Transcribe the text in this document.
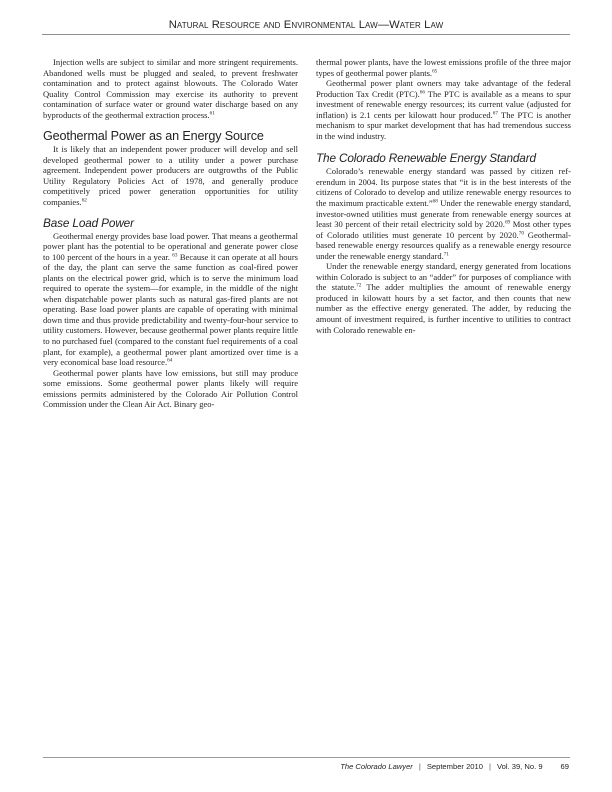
Natural Resource and Environmental Law—Water Law

Injection wells are subject to similar and more stringent requirements. Abandoned wells must be plugged and sealed, to prevent freshwater contamination and to protect against blowouts. The Colorado Water Quality Control Commission may exercise its authority to prevent contamination of surface water or ground water discharge based on any byproducts of the geothermal extraction process.$^{61}$

Geothermal Power as an Energy Source

It is likely that an independent power producer will develop and sell developed geothermal power to a utility under a power purchase agreement. Independent power producers are outgrowths of the Public Utility Regulatory Policies Act of 1978, and generally produce competitively priced power generation opportunities for utility companies.$^{62}$

Base Load Power

Geothermal energy provides base load power. That means a geothermal power plant has the potential to be operational and generate power close to 100 percent of the hours in a year. $^{63}$ Because it can operate at all hours of the day, the plant can serve the same function as coal-fired power plants on the electrical power grid, which is to serve the minimum load required to operate the system—for example, in the middle of the night when dispatchable power plants such as natural gas-fired plants are not operating. Base load power plants are capable of operating with minimal down time and thus provide predictability and twenty-four-hour service to utility customers. However, because geothermal power plants require little to no purchased fuel (compared to the constant fuel requirements of a coal plant, for example), a geothermal power plant amortized over time is a very economical base load resource.$^{64}$

Geothermal power plants have low emissions, but still may produce some emissions. Some geothermal power plants likely will require emissions permits administered by the Colorado Air Pollution Control Commission under the Clean Air Act. Binary geo-

thermal power plants, have the lowest emissions profile of the three major types of geothermal power plants.$^{65}$

Geothermal power plant owners may take advantage of the federal Production Tax Credit (PTC).$^{66}$ The PTC is available as a means to spur investment of renewable energy resources; its current value (adjusted for inflation) is 2.1 cents per kilowatt hour produced.$^{67}$ The PTC is another mechanism to spur market development that has had tremendous success in the wind industry.

The Colorado Renewable Energy Standard

Colorado’s renewable energy standard was passed by citizen referendum in 2004. Its purpose states that “it is in the best interests of the citizens of Colorado to develop and utilize renewable energy resources to the maximum practicable extent.”$^{68}$ Under the renewable energy standard, investor-owned utilities must generate from renewable energy sources at least 30 percent of their retail electricity sold by 2020.69 Most other types of Colorado utilities must generate 10 percent by 2020.70 Geothermal-based renewable energy resources qualify as a renewable energy resource under the renewable energy standard.$^{71}$

Under the renewable energy standard, energy generated from locations within Colorado is subject to an “adder” for purposes of compliance with the statute.$^{72}$ The adder multiplies the amount of renewable energy produced in kilowatt hours by a set factor, and then counts that new number as the effective energy generated. The adder, by reducing the amount of investment required, is further incentive to utilities to contract with Colorado renewable en-

The Colorado Lawyer | September 2010 | Vol. 39, No. 9 69
